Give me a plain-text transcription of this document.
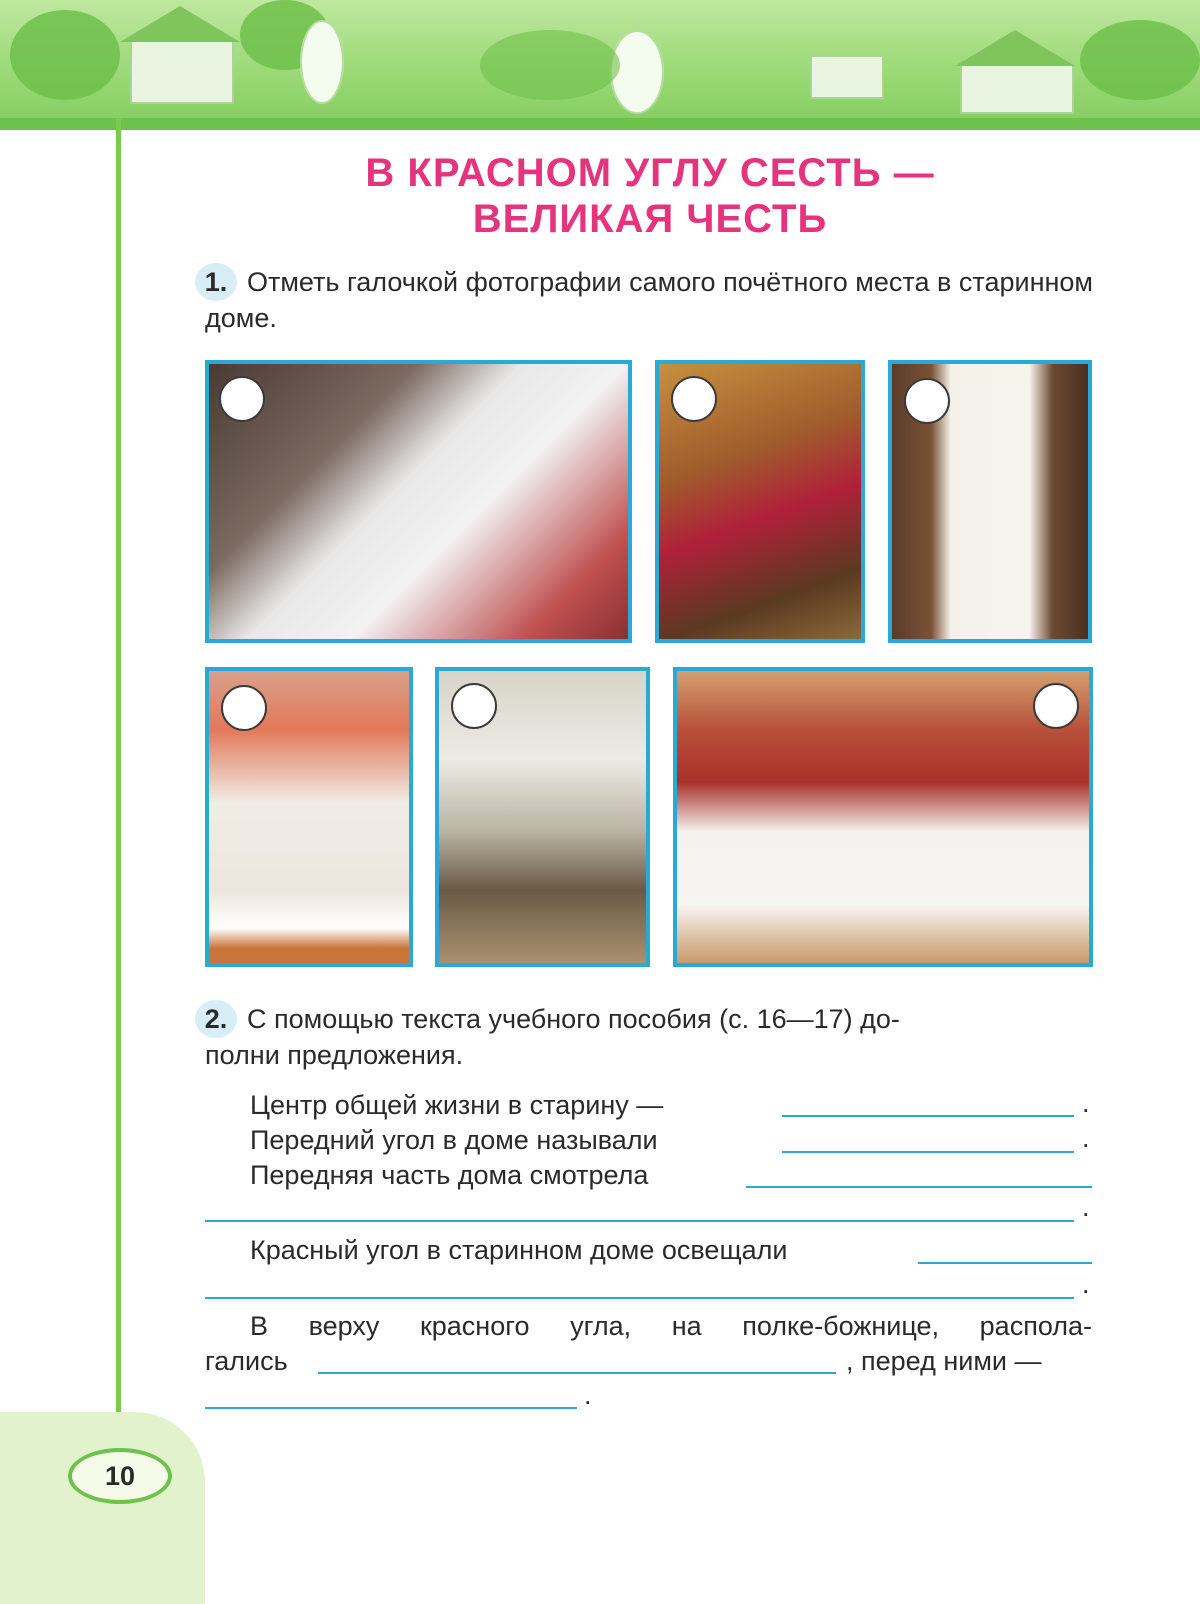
10
В КРАСНОМ УГЛУ СЕСТЬ —
ВЕЛИКАЯ ЧЕСТЬ
1. Отметь галочкой фотографии самого почётного места в старинном доме.
2. С помощью текста учебного пособия (с. 16—17) до-
полни предложения.
Центр общей жизни в старину —	.
Передний угол в доме называли	.
Передняя часть дома смотрела
.
Красный угол в старинном доме освещали
.
В верху красного угла, на полке-божнице, распола-
гались	, перед ними —
.
